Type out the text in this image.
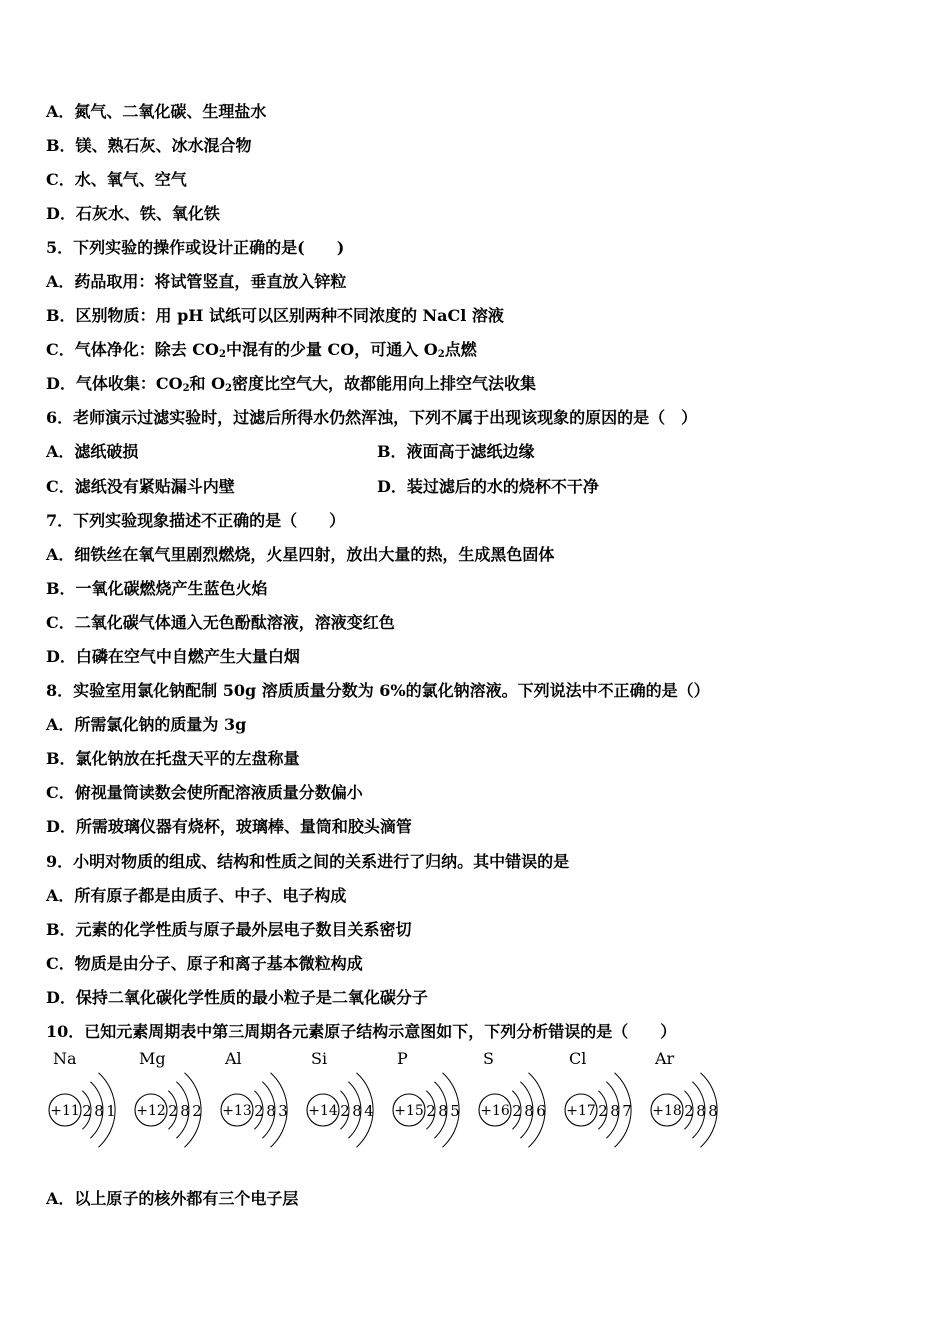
A．氮气、二氧化碳、生理盐水
B．镁、熟石灰、冰水混合物
C．水、氧气、空气
D．石灰水、铁、氧化铁
5．下列实验的操作或设计正确的是(　　)
A．药品取用：将试管竖直，垂直放入锌粒
B．区别物质：用 pH 试纸可以区别两种不同浓度的 NaCl 溶液
C．气体净化：除去 $CO_2$中混有的少量 CO，可通入 $O_2$点燃
D．气体收集：$CO_2$和 $O_2$密度比空气大，故都能用向上排空气法收集
6．老师演示过滤实验时，过滤后所得水仍然浑浊，下列不属于出现该现象的原因的是（　）
A．滤纸破损	B．液面高于滤纸边缘
C．滤纸没有紧贴漏斗内壁	D．装过滤后的水的烧杯不干净
7．下列实验现象描述不正确的是（　　）
A．细铁丝在氧气里剧烈燃烧，火星四射，放出大量的热，生成黑色固体
B．一氧化碳燃烧产生蓝色火焰
C．二氧化碳气体通入无色酚酞溶液，溶液变红色
D．白磷在空气中自燃产生大量白烟
8．实验室用氯化钠配制 50g 溶质质量分数为 6%的氯化钠溶液。下列说法中不正确的是（）
A．所需氯化钠的质量为 3g
B．氯化钠放在托盘天平的左盘称量
C．俯视量筒读数会使所配溶液质量分数偏小
D．所需玻璃仪器有烧杯，玻璃棒、量筒和胶头滴管
9．小明对物质的组成、结构和性质之间的关系进行了归纳。其中错误的是
A．所有原子都是由质子、中子、电子构成
B．元素的化学性质与原子最外层电子数目关系密切
C．物质是由分子、原子和离子基本微粒构成
D．保持二氧化碳化学性质的最小粒子是二氧化碳分子
10．已知元素周期表中第三周期各元素原子结构示意图如下，下列分析错误的是（　　）
Na
+11 2 8 1
Mg
+12 2 8 2
Al
+13 2 8 3
Si
+14 2 8 4
P
+15 2 8 5
S
+16 2 8 6
Cl
+17 2 8 7
Ar
+18 2 8 8
A．以上原子的核外都有三个电子层
